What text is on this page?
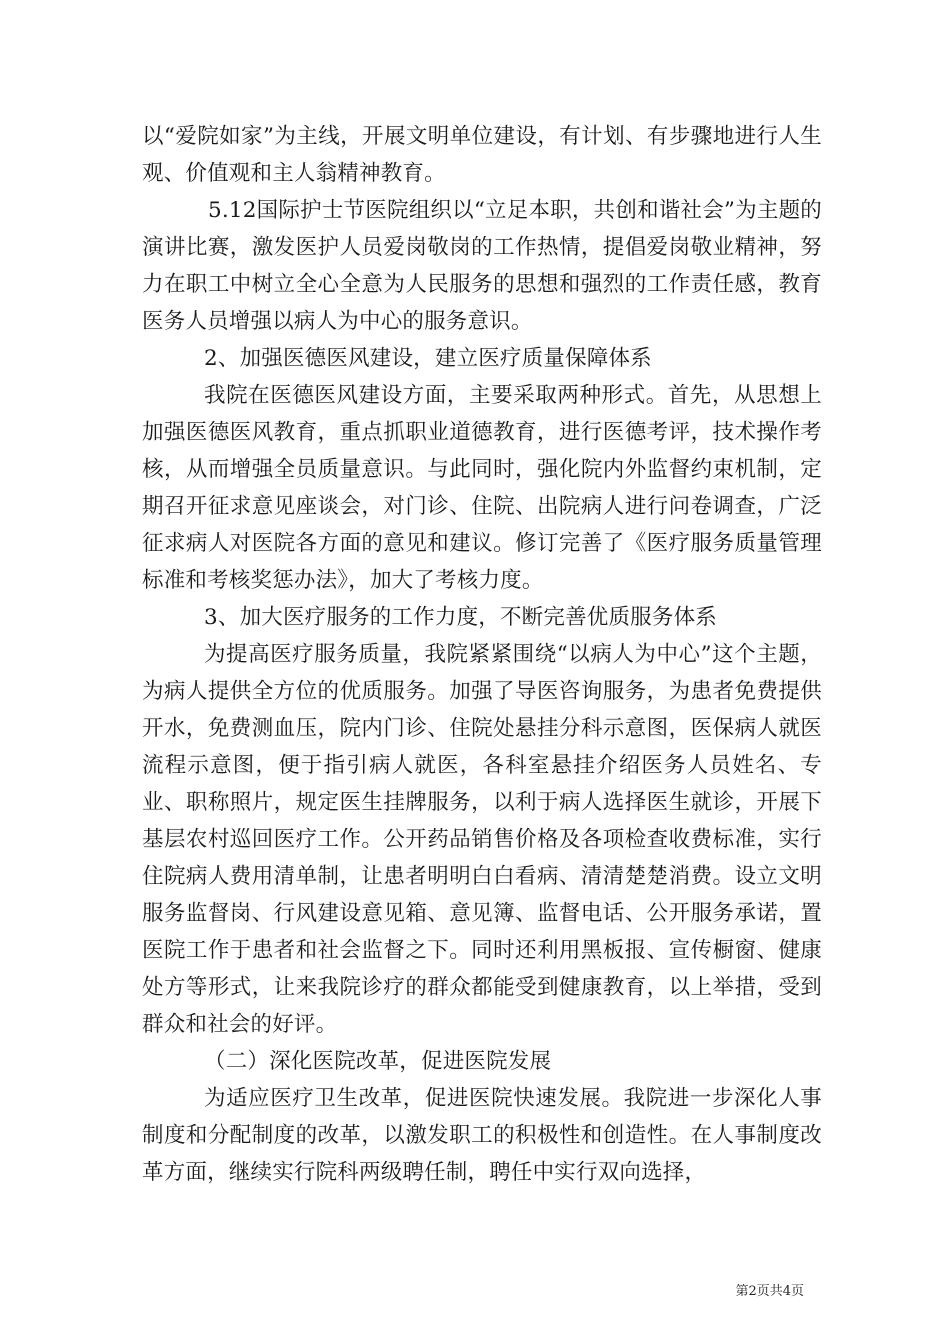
以“爱院如家”为主线，开展文明单位建设，有计划、有步骤地进行人生观、价值观和主人翁精神教育。

5.12国际护士节医院组织以“立足本职，共创和谐社会”为主题的演讲比赛，激发医护人员爱岗敬岗的工作热情，提倡爱岗敬业精神，努力在职工中树立全心全意为人民服务的思想和强烈的工作责任感，教育医务人员增强以病人为中心的服务意识。

2、加强医德医风建设，建立医疗质量保障体系

我院在医德医风建设方面，主要采取两种形式。首先，从思想上加强医德医风教育，重点抓职业道德教育，进行医德考评，技术操作考核，从而增强全员质量意识。与此同时，强化院内外监督约束机制，定期召开征求意见座谈会，对门诊、住院、出院病人进行问卷调查，广泛征求病人对医院各方面的意见和建议。修订完善了《医疗服务质量管理标准和考核奖惩办法》，加大了考核力度。

3、加大医疗服务的工作力度，不断完善优质服务体系

为提高医疗服务质量，我院紧紧围绕“以病人为中心”这个主题，为病人提供全方位的优质服务。加强了导医咨询服务，为患者免费提供开水，免费测血压，院内门诊、住院处悬挂分科示意图，医保病人就医流程示意图，便于指引病人就医，各科室悬挂介绍医务人员姓名、专业、职称照片，规定医生挂牌服务，以利于病人选择医生就诊，开展下基层农村巡回医疗工作。公开药品销售价格及各项检查收费标准，实行住院病人费用清单制，让患者明明白白看病、清清楚楚消费。设立文明服务监督岗、行风建设意见箱、意见簿、监督电话、公开服务承诺，置医院工作于患者和社会监督之下。同时还利用黑板报、宣传橱窗、健康处方等形式，让来我院诊疗的群众都能受到健康教育，以上举措，受到群众和社会的好评。

（二）深化医院改革，促进医院发展

为适应医疗卫生改革，促进医院快速发展。我院进一步深化人事制度和分配制度的改革，以激发职工的积极性和创造性。在人事制度改革方面，继续实行院科两级聘任制，聘任中实行双向选择，

第2页共4页
